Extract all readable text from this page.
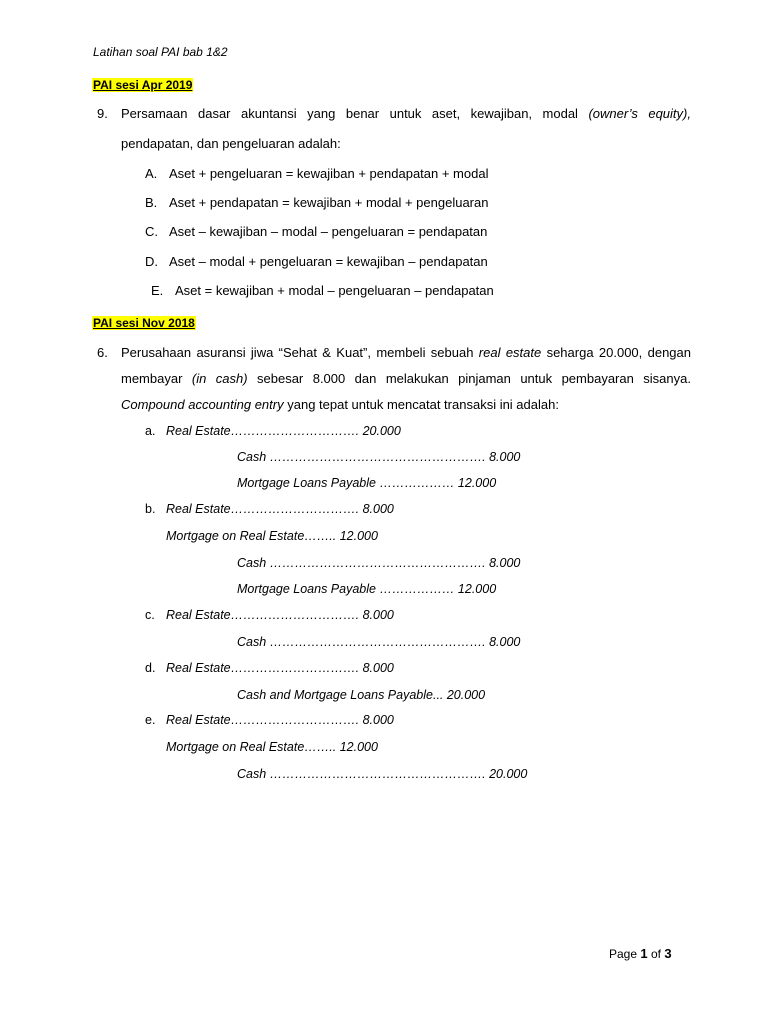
Latihan soal PAI bab 1&2
PAI sesi Apr 2019
9. Persamaan dasar akuntansi yang benar untuk aset, kewajiban, modal (owner’s equity),
pendapatan, dan pengeluaran adalah:
A. Aset + pengeluaran = kewajiban + pendapatan + modal
B. Aset + pendapatan = kewajiban + modal + pengeluaran
C. Aset – kewajiban – modal – pengeluaran = pendapatan
D. Aset – modal + pengeluaran = kewajiban – pendapatan
E. Aset = kewajiban + modal – pengeluaran – pendapatan
PAI sesi Nov 2018
6. Perusahaan asuransi jiwa “Sehat & Kuat”, membeli sebuah real estate seharga 20.000, dengan
membayar (in cash) sebesar 8.000 dan melakukan pinjaman untuk pembayaran sisanya.
Compound accounting entry yang tepat untuk mencatat transaksi ini adalah:
a. Real Estate…………………………. 20.000
Cash ……………………………………………. 8.000
Mortgage Loans Payable ……………… 12.000
b. Real Estate…………………………. 8.000
Mortgage on Real Estate…….. 12.000
Cash ……………………………………………. 8.000
Mortgage Loans Payable ……………… 12.000
c. Real Estate…………………………. 8.000
Cash ……………………………………………. 8.000
d. Real Estate…………………………. 8.000
Cash and Mortgage Loans Payable... 20.000
e. Real Estate…………………………. 8.000
Mortgage on Real Estate…….. 12.000
Cash ……………………………………………. 20.000
Page 1 of 3
